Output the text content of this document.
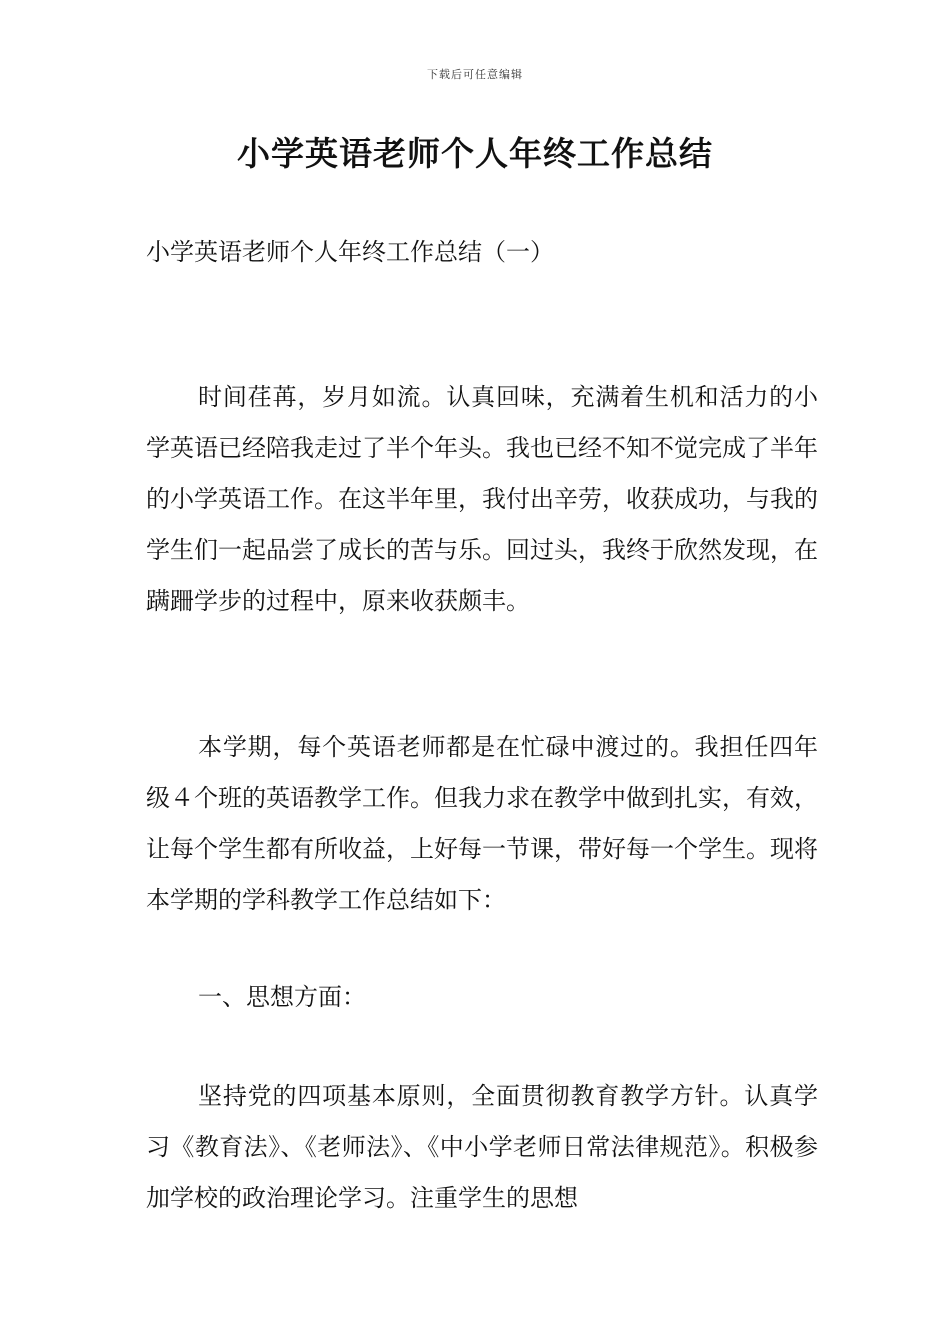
下载后可任意编辑
小学英语老师个人年终工作总结

小学英语老师个人年终工作总结（一）

时间荏苒，岁月如流。认真回味，充满着生机和活力的小学英语已经陪我走过了半个年头。我也已经不知不觉完成了半年的小学英语工作。在这半年里，我付出辛劳，收获成功，与我的学生们一起品尝了成长的苦与乐。回过头，我终于欣然发现，在蹒跚学步的过程中，原来收获颇丰。

本学期，每个英语老师都是在忙碌中渡过的。我担任四年级４个班的英语教学工作。但我力求在教学中做到扎实，有效，让每个学生都有所收益，上好每一节课，带好每一个学生。现将本学期的学科教学工作总结如下：

一、思想方面：

坚持党的四项基本原则，全面贯彻教育教学方针。认真学习《教育法》、《老师法》、《中小学老师日常法律规范》。积极参加学校的政治理论学习。注重学生的思想
